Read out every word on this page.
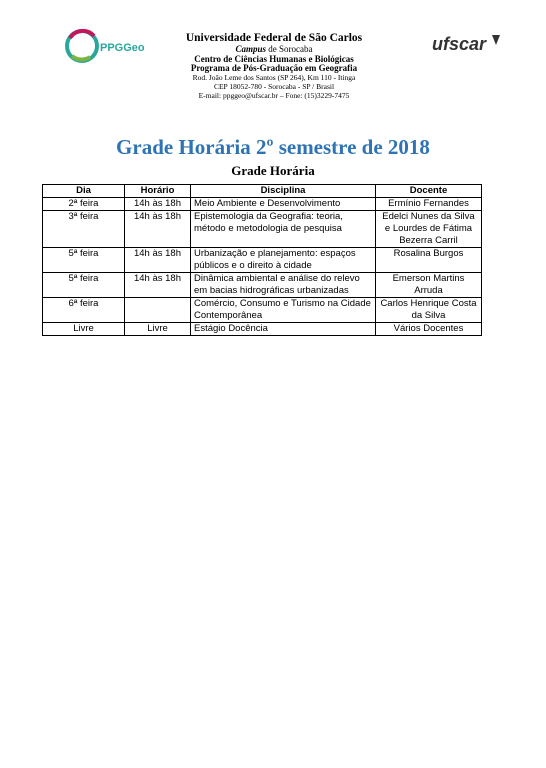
PPGGeo	ufscar
Universidade Federal de São Carlos
Campus de Sorocaba
Centro de Ciências Humanas e Biológicas
Programa de Pós-Graduação em Geografia
Rod. João Leme dos Santos (SP 264), Km 110 - Itinga
CEP 18052-780 - Sorocaba - SP / Brasil
E-mail: ppggeo@ufscar.br – Fone: (15)3229-7475
Grade Horária 2º semestre de 2018
Grade Horária
Dia	Horário	Disciplina	Docente
2ª feira	14h às 18h	Meio Ambiente e Desenvolvimento	Ermínio Fernandes
3ª feira	14h às 18h	Epistemologia da Geografia: teoria, método e metodologia de pesquisa	Edelci Nunes da Silva e Lourdes de Fátima Bezerra Carril
5ª feira	14h às 18h	Urbanização e planejamento: espaços públicos e o direito à cidade	Rosalina Burgos
5ª feira	14h às 18h	Dinâmica ambiental e análise do relevo em bacias hidrográficas urbanizadas	Emerson Martins Arruda
6ª feira		Comércio, Consumo e Turismo na Cidade Contemporânea	Carlos Henrique Costa da Silva
Livre	Livre	Estágio Docência	Vários Docentes
